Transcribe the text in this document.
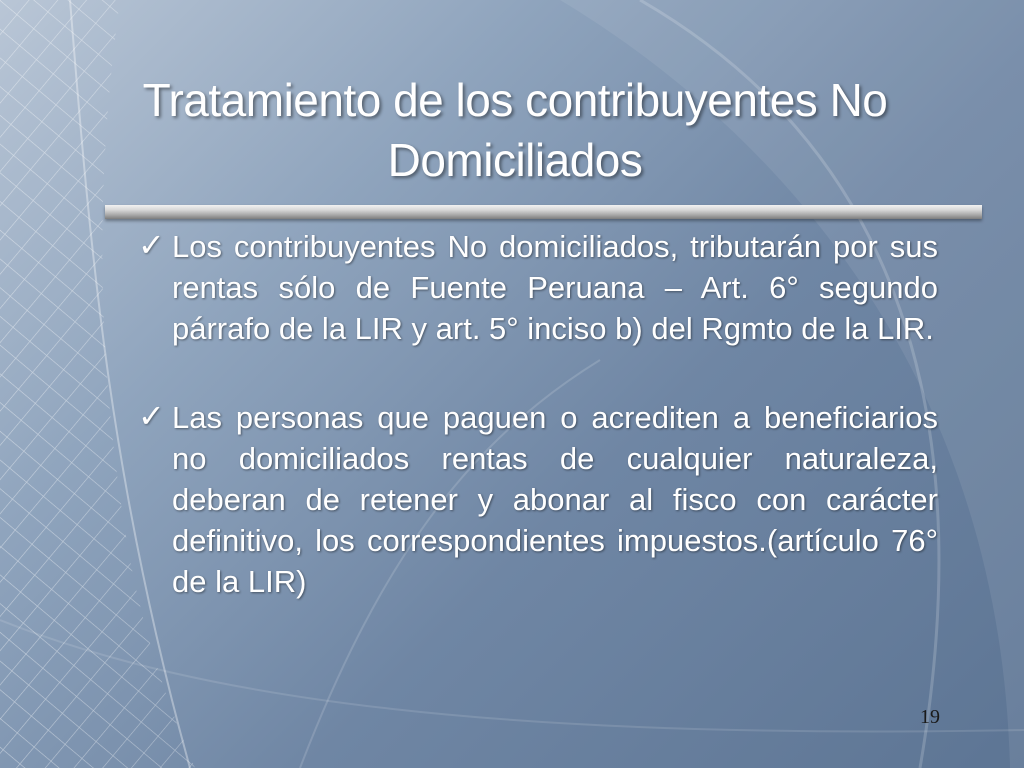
Tratamiento de los contribuyentes No
Domiciliados
✓ Los contribuyentes No domiciliados, tributarán por sus rentas sólo de Fuente Peruana – Art. 6° segundo párrafo de la LIR y art. 5° inciso b) del Rgmto de la LIR.

✓ Las personas que paguen o acrediten a beneficiarios no domiciliados rentas de cualquier naturaleza, deberan de retener y abonar al fisco con carácter definitivo, los correspondientes impuestos.(artículo 76° de la LIR)

19
